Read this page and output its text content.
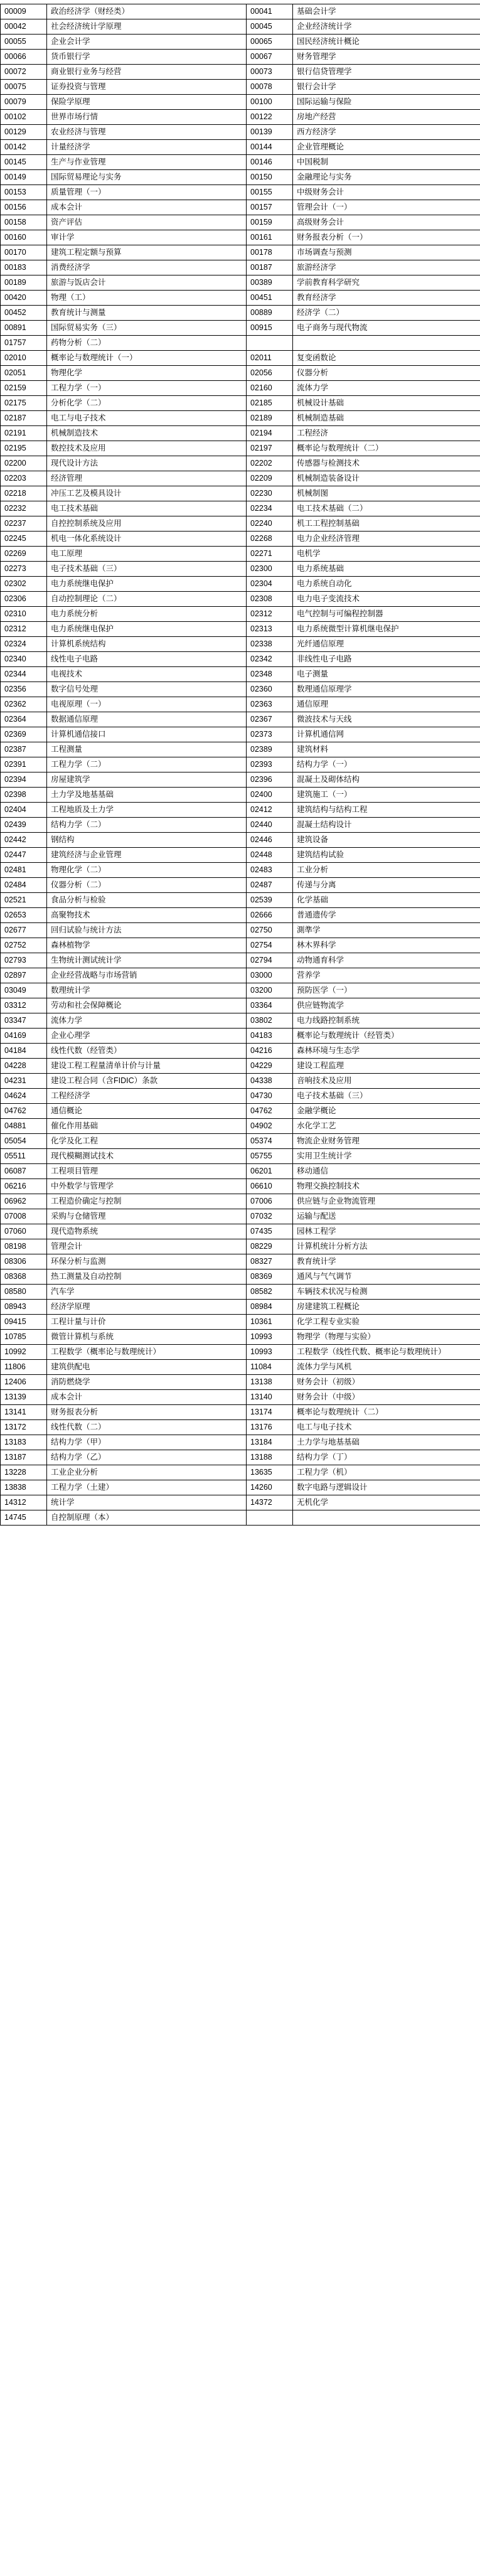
00009	政治经济学（财经类）	00041	基础会计学
00042	社会经济统计学原理	00045	企业经济统计学
00055	企业会计学	00065	国民经济统计概论
00066	货币银行学	00067	财务管理学
00072	商业银行业务与经营	00073	银行信贷管理学
00075	证券投资与管理	00078	银行会计学
00079	保险学原理	00100	国际运输与保险
00102	世界市场行情	00122	房地产经营
00129	农业经济与管理	00139	西方经济学
00142	计量经济学	00144	企业管理概论
00145	生产与作业管理	00146	中国税制
00149	国际贸易理论与实务	00150	金融理论与实务
00153	质量管理（一）	00155	中级财务会计
00156	成本会计	00157	管理会计（一）
00158	资产评估	00159	高级财务会计
00160	审计学	00161	财务报表分析（一）
00170	建筑工程定额与预算	00178	市场调查与预测
00183	消费经济学	00187	旅游经济学
00189	旅游与饭店会计	00389	学前教育科学研究
00420	物理（工）	00451	教育经济学
00452	教育统计与测量	00889	经济学（二）
00891	国际贸易实务（三）	00915	电子商务与现代物流
01757	药物分析（二）		
02010	概率论与数理统计（一）	02011	复变函数论
02051	物理化学	02056	仪器分析
02159	工程力学（一）	02160	流体力学
02175	分析化学（二）	02185	机械设计基础
02187	电工与电子技术	02189	机械制造基础
02191	机械制造技术	02194	工程经济
02195	数控技术及应用	02197	概率论与数理统计（二）
02200	现代设计方法	02202	传感器与检测技术
02203	经济管理	02209	机械制造装备设计
02218	冲压工艺及模具设计	02230	机械制图
02232	电工技术基础	02234	电工技术基础（二）
02237	自控控制系统及应用	02240	机工工程控制基础
02245	机电一体化系统设计	02268	电力企业经济管理
02269	电工原理	02271	电机学
02273	电子技术基础（三）	02300	电力系统基础
02302	电力系统继电保护	02304	电力系统自动化
02306	自动控制理论（二）	02308	电力电子变流技术
02310	电力系统分析	02312	电气控制与可编程控制器
02312	电力系统继电保护	02313	电力系统微型计算机继电保护
02324	计算机系统结构	02338	光纤通信原理
02340	线性电子电路	02342	非线性电子电路
02344	电视技术	02348	电子测量
02356	数字信号处理	02360	数理通信原理学
02362	电视原理（一）	02363	通信原理
02364	数据通信原理	02367	微波技术与天线
02369	计算机通信接口	02373	计算机通信网
02387	工程测量	02389	建筑材料
02391	工程力学（二）	02393	结构力学（一）
02394	房屋建筑学	02396	混凝土及砌体结构
02398	土力学及地基基础	02400	建筑施工（一）
02404	工程地质及土力学	02412	建筑结构与结构工程
02439	结构力学（二）	02440	混凝土结构设计
02442	钢结构	02446	建筑设备
02447	建筑经济与企业管理	02448	建筑结构试验
02481	物理化学（二）	02483	工业分析
02484	仪器分析（二）	02487	传递与分离
02521	食品分析与检验	02539	化学基础
02653	高聚物技术	02666	普通遗传学
02677	回归试验与统计方法	02750	測準学
02752	森林植物学	02754	林木界科学
02793	生物统计测试统计学	02794	动物通育科学
02897	企业经营战略与市场营销	03000	营养学
03049	数理统计学	03200	预防医学（一）
03312	劳动和社会保障概论	03364	供应链物流学
03347	流体力学	03802	电力线路控制系统
04169	企业心理学	04183	概率论与数理统计（经管类）
04184	线性代数（经管类）	04216	森林环境与生态学
04228	建设工程工程量清单计价与计量	04229	建设工程监理
04231	建设工程合同（含FIDIC）条款	04338	音响技术及应用
04624	工程经济学	04730	电子技术基础（三）
04762	通信概论	04762	金融学概论
04881	催化作用基础	04902	水化学工艺
05054	化学及化工程	05374	物流企业财务管理
05511	现代模糊测试技术	05755	实用卫生统计学
06087	工程项目管理	06201	移动通信
06216	中外数学与管理学	06610	物理交换控制技术
06962	工程造价确定与控制	07006	供应链与企业物流管理
07008	采购与仓储管理	07032	运输与配送
07060	现代造物系统	07435	园林工程学
08198	管理会计	08229	计算机统计分析方法
08306	环保分析与监测	08327	教育统计学
08368	热工测量及自动控制	08369	通风与气气调节
08580	汽车学	08582	车辆技术状况与检测
08943	经济学原理	08984	房建建筑工程概论
09415	工程计量与计价	10361	化学工程专业实验
10785	微管计算机与系统	10993	物理学（物理与实验）
10992	工程数学（概率论与数理统计）	10993	工程数学（线性代数、概率论与数理统计）
11806	建筑供配电	11084	流体力学与风机
12406	消防燃烧学	13138	财务会计（初级）
13139	成本会计	13140	财务会计（中级）
13141	财务报表分析	13174	概率论与数理统计（二）
13172	线性代数（二）	13176	电工与电子技术
13183	结构力学（甲）	13184	土力学与地基基础
13187	结构力学（乙）	13188	结构力学（丁）
13228	工业企业分析	13635	工程力学（机）
13838	工程力学（土建）	14260	数字电路与逻辑设计
14312	统计学	14372	无机化学
14745	自控制原理（本）		
